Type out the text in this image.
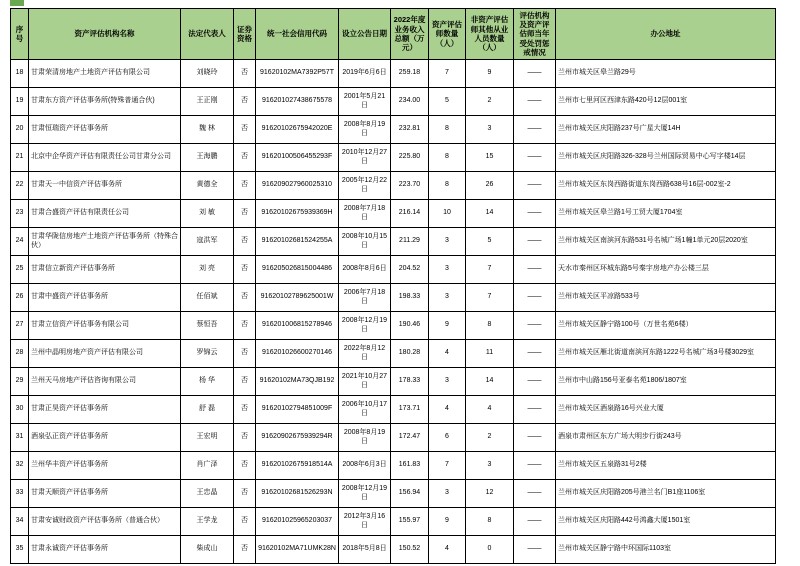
序号	资产评估机构名称	法定代表人	证券资格	统一社会信用代码	设立公告日期	2022年度业务收入总额（万元）	资产评估师数量（人）	非资产评估师其他从业人员数量（人）	评估机构及资产评估师当年受处罚惩戒情况	办公地址
18	甘肃荣清房地产土地资产评估有限公司	刘晓玲	否	91620102MA7392P57T	2019年6月6日	259.18	7	9	——	兰州市城关区皋兰路29号
19	甘肃东方资产评估事务所(特殊普通合伙)	王正刚	否	916201027438675578	2001年5月21日	234.00	5	2	——	兰州市七里河区西津东路420号12层001室
20	甘肃恒瑞资产评估事务所	魏 林	否	91620102675942020E	2008年8月19日	232.81	8	3	——	兰州市城关区庆阳路237号广星大厦14H
21	北京中企华资产评估有限责任公司甘肃分公司	王海鹏	否	91620100506455293F	2010年12月27日	225.80	8	15	——	兰州市城关区庆阳路326-328号兰州国际贸易中心写字楼14层
22	甘肃天一中信资产评估事务所	黄德全	否	916209027960025310	2005年12月22日	223.70	8	26	——	兰州市城关区东岗西路街道东岗西路638号16层-002室-2
23	甘肃合盛资产评估有限责任公司	刘 敏	否	91620102675939369H	2008年7月18日	216.14	10	14	——	兰州市城关区皋兰路1号工贸大厦1704室
24	甘肃华陇信房地产土地资产评估事务所（特殊合伙）	寇洪军	否	91620102681524255A	2008年10月15日	211.29	3	5	——	兰州市城关区南滨河东路531号名城广场1幢1单元20层2020室
25	甘肃信立新资产评估事务所	刘 亮	否	916205026815004486	2008年8月6日	204.52	3	7	——	天水市秦州区环城东路5号秦宇房地产办公楼三层
26	甘肃中盛资产评估事务所	任佰斌	否	91620102789625001W	2006年7月18日	198.33	3	7	——	兰州市城关区平凉路533号
27	甘肃立信资产评估事务有限公司	蔡恒吾	否	916201006815278946	2008年12月19日	190.46	9	8	——	兰州市城关区静宁路100号（万世名苑6楼）
28	兰州中晶明房地产资产评估有限公司	罗锦云	否	916201026600270146	2022年8月12日	180.28	4	11	——	兰州市城关区雁北街道南滨河东路1222号名城广场3号楼3029室
29	兰州天马房地产评估咨询有限公司	杨 华	否	91620102MA73QJB192	2021年10月27日	178.33	3	14	——	兰州市中山路156号亚泰名苑1806/1807室
30	甘肃正昊资产评估事务所	舒 磊	否	91620102794851009F	2006年10月17日	173.71	4	4	——	兰州市城关区酒泉路16号兴业大厦
31	酒泉弘正资产评估事务所	王宏明	否	91620902675939294R	2008年8月19日	172.47	6	2	——	酒泉市肃州区东方广场大明步行街243号
32	兰州华丰资产评估事务所	肖广泽	否	91620102675918514A	2008年6月3日	161.83	7	3	——	兰州市城关区五泉路31号2楼
33	甘肃天顺资产评估事务所	王忠晶	否	91620102681526293N	2008年12月19日	156.94	3	12	——	兰州市城关区庆阳路205号港兰名门B1座1106室
34	甘肃安诚财政资产评估事务所（普通合伙）	王学龙	否	916201025965203037	2012年3月16日	155.97	9	8	——	兰州市城关区庆阳路442号鸿鑫大厦1501室
35	甘肃永诚资产评估事务所	柴成山	否	91620102MA71UMK28N	2018年5月8日	150.52	4	0	——	兰州市城关区静宁路中环国际1103室
